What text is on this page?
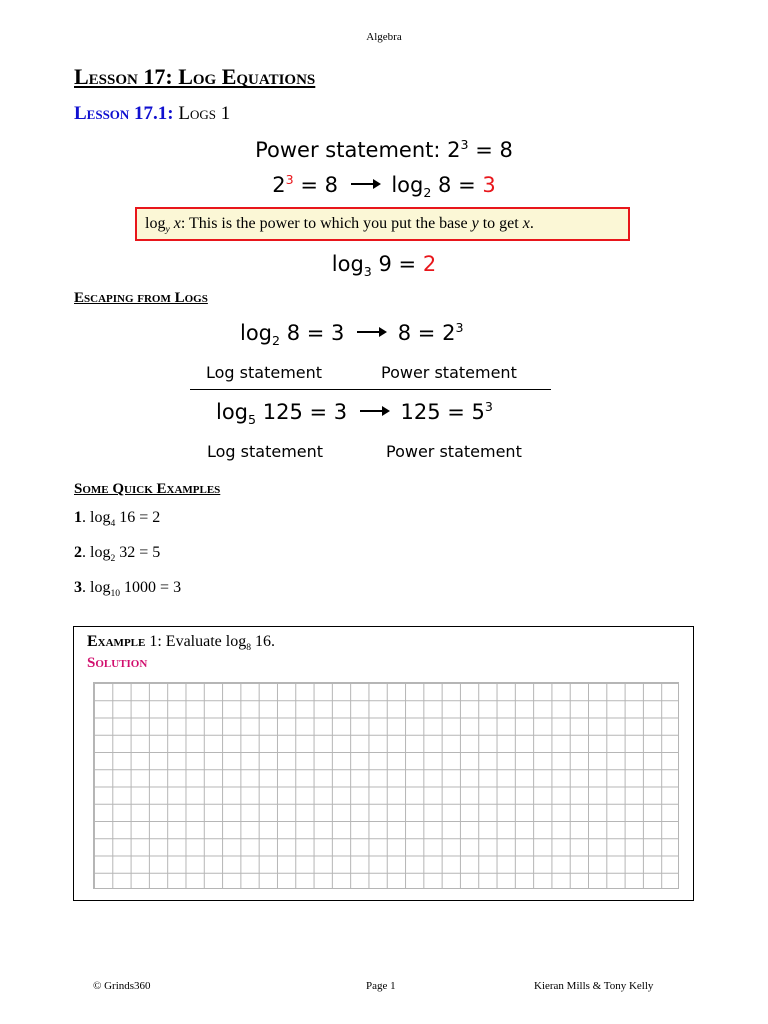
Algebra
Lesson 17: Log Equations
Lesson 17.1: Logs 1
Power statement: $2^3 = 8$
$2^3 = 8$	$\log_2 8 = 3$
$\log_y x$: This is the power to which you put the base y to get x.
$\log_3 9 = 2$
Escaping from Logs
$\log_2 8 = 3$	$8 = 2^3$
Log statement	Power statement
$\log_5 125 = 3$	$125 = 5^3$
Log statement	Power statement
Some Quick Examples
1. $\log_4 16 = 2$
2. $\log_2 32 = 5$
3. $\log_{10} 1000 = 3$
Example 1: Evaluate $\log_8 16$.
Solution
© Grinds360	Page 1	Kieran Mills & Tony Kelly
